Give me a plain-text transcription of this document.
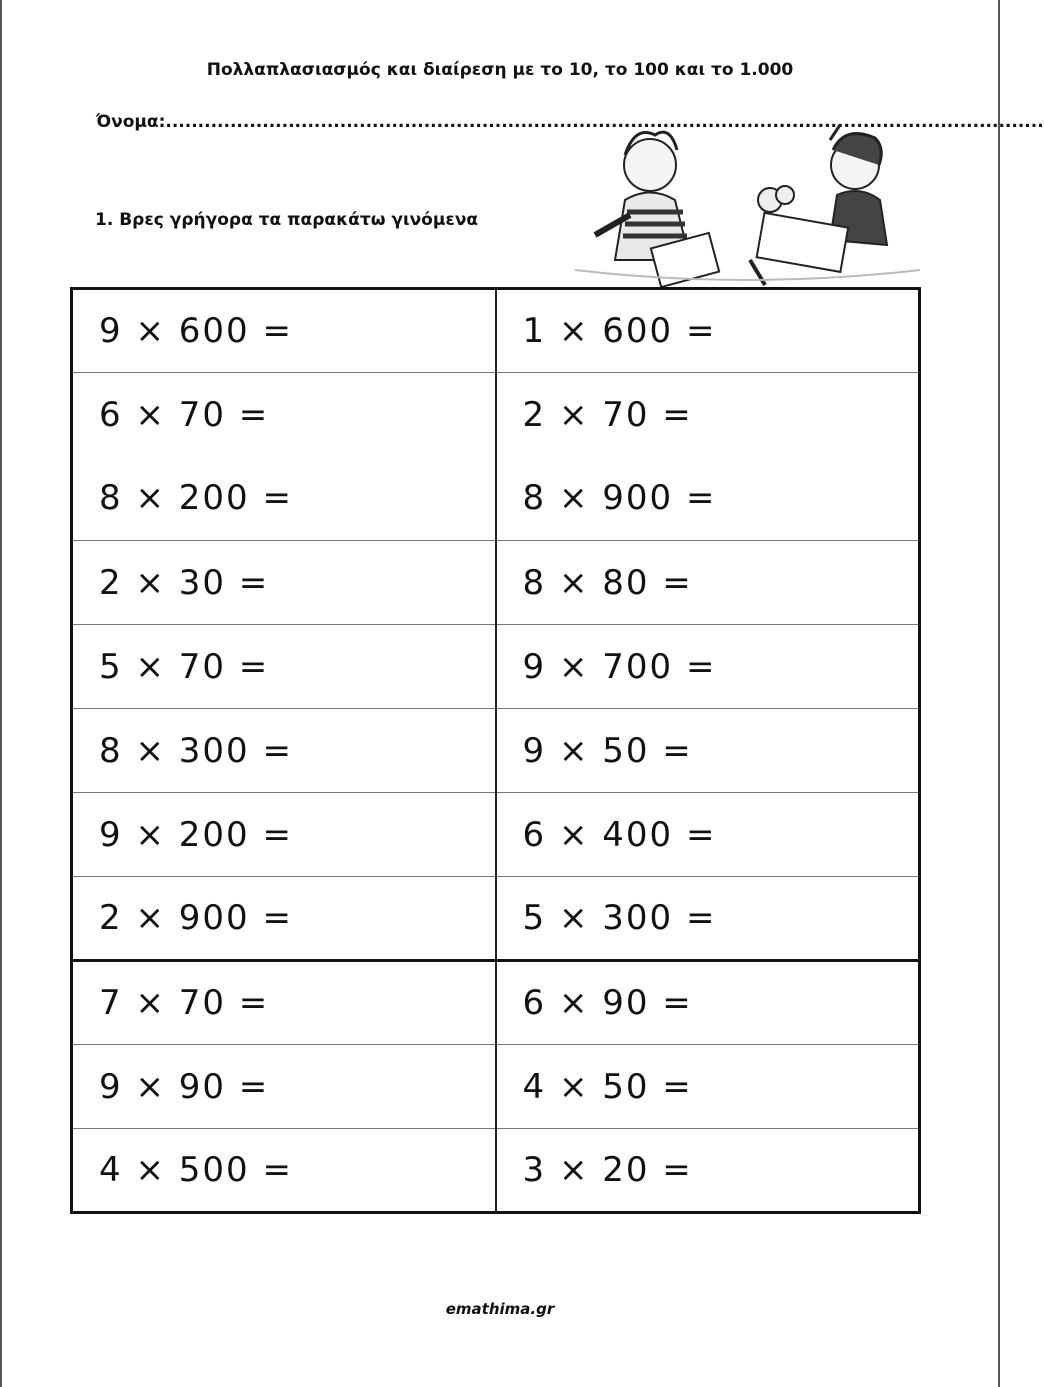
Πολλαπλασιασμός και διαίρεση με το 10, το 100 και το 1.000
Όνομα:........................................................................................................................................
1. Βρες γρήγορα τα παρακάτω γινόμενα
9 × 600 =	1 × 600 =
6 × 70 =	2 × 70 =
8 × 200 =	8 × 900 =
2 × 30 =	8 × 80 =
5 × 70 =	9 × 700 =
8 × 300 =	9 × 50 =
9 × 200 =	6 × 400 =
2 × 900 =	5 × 300 =
7 × 70 =	6 × 90 =
9 × 90 =	4 × 50 =
4 × 500 =	3 × 20 =
emathima.gr
